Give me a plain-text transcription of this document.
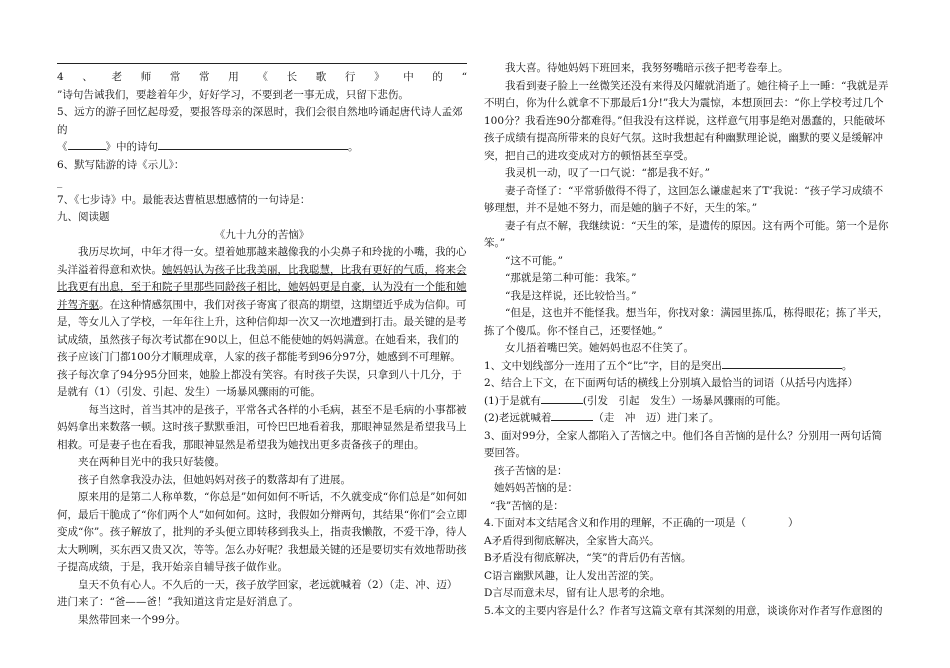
4 、 老 师 常 常 用 《 长 歌 行 》 中 的 “

”诗句告诫我们，要趁着年少，好好学习，不要到老一事无成，只留下悲伤。

5、远方的游子回忆起母爱，要报答母亲的深恩时，我们会很自然地吟诵起唐代诗人孟郊的

《	》中的诗句	。

6、默写陆游的诗《示儿》：

_

7、《七步诗》中。最能表达曹植思想感情的一句诗是：

九、阅读题

《九十九分的苦恼》

我历尽坎坷，中年才得一女。望着她那越来越像我的小尖鼻子和玲拢的小嘴，我的心头洋溢着得意和欢快。她妈妈认为孩子比我美丽，比我聪慧，比我有更好的气质，将来会比我更有出息，至于和院子里那些同龄孩子相比，她妈妈更是自豪，认为没有一个能和她并驾齐驱。在这种情感氛围中，我们对孩子寄寓了很高的期望，这期望近乎成为信仰。可是，等女儿入了学校，一年年往上升，这种信仰却一次又一次地遭到打击。最关键的是考试成绩，虽然孩子每次考试都在90以上，但总不能使她的妈妈满意。在她看来，我们的孩子应该门门都100分才顺理成章，人家的孩子都能考到96分97分，她感到不可理解。孩子每次拿了94分95分回来，她脸上都没有笑容。有时孩子失误，只拿到八十几分，于是就有（1）（引发、引起、发生）一场暴风骤雨的可能。

每当这时，首当其冲的是孩子，平常各式各样的小毛病，甚至不是毛病的小事都被妈妈拿出来数落一顿。这时孩子默默垂泪，可怜巴巴地看着我，那眼神显然是希望我马上相救。可是妻子也在看我，那眼神显然是希望我为她找出更多责备孩子的理由。

夹在两种目光中的我只好装傻。

孩子自然拿我没办法，但她妈妈对孩子的数落却有了进展。

原来用的是第二人称单数，“你总是”如何如何不听话，不久就变成“你们总是”如何如何，最后干脆成了“你们两个人”如何如何。这时，我假如分辩两句，其结果“你们”会立即变成“你”。孩子解放了，批判的矛头便立即转移到我头上，指责我懒散，不爱干净，待人太大咧咧，买东西又贵又次，等等。怎么办好呢？我想最关键的还是要切实有效地帮助孩子提高成绩，于是，我开始亲自辅导孩子做作业。

皇天不负有心人。不久后的一天，孩子放学回家，老远就喊着（2）（走、冲、迈）进门来了：“爸——爸！”我知道这肯定是好消息了。

果然带回来一个99分。

我大喜。待她妈妈下班回来，我努努嘴暗示孩子把考卷奉上。

我看到妻子脸上一丝微笑还没有来得及闪耀就消逝了。她往椅子上一睡：“我就是弄不明白，你为什么就拿不下那最后1分!”我大为震惊，本想顶回去：“你上学校考过几个100分？我看连90分都难得。”但我没有这样说，这样意气用事是绝对愚蠢的，只能破坏孩子成绩有提高所带来的良好气氛。这时我想起有种幽默理论说，幽默的要义是缓解冲突，把自己的进攻变成对方的顿悟甚至享受。

我灵机一动，叹了一口气说：“都是我不好。”

妻子奇怪了：“平常骄傲得不得了，这回怎么谦虚起来了T’我说：“孩子学习成绩不够理想，并不是她不努力，而是她的脑子不好，天生的笨。”

妻子有点不解，我继续说：“天生的笨，是遗传的原因。这有两个可能。第一个是你笨。”

“这不可能。”

“那就是第二种可能：我笨。”

“我是这样说，还比较恰当。”

“但是，这也并不能怪我。想当年，你找对象：满园里拣瓜，栋得眼花；拣了半天，拣了个傻瓜。你不怪自己，还要怪她。”

女儿捂着嘴巴笑。她妈妈也忍不住笑了。

1、文中划线部分一连用了五个“比”字，目的是突出	。

2、结合上下文，在下面两句话的横线上分别填入最恰当的词语（从括号内选择）

(1)于是就有	(引发　引起　发生）一场暴风骤雨的可能。

(2)老远就喊着	（走　冲　迈）进门来了。

3、面对99分，全家人都陷入了苦恼之中。他们各自苦恼的是什么？分别用一两句话简要回答。

孩子苦恼的是：

她妈妈苦恼的是：

“我”苦恼的是：

4.下面对本文结尾含义和作用的理解，不正确的一项是（　　　　）

A矛盾得到彻底解决，全家皆大高兴。

B矛盾没有彻底解决，“笑”的背后仍有苦恼。

C语言幽默风趣，让人发出苦涩的笑。

D言尽而意未尽，留有让人思考的余地。

5.本文的主要内容是什么？作者写这篇文章有其深刻的用意，谈谈你对作者写作意图的
